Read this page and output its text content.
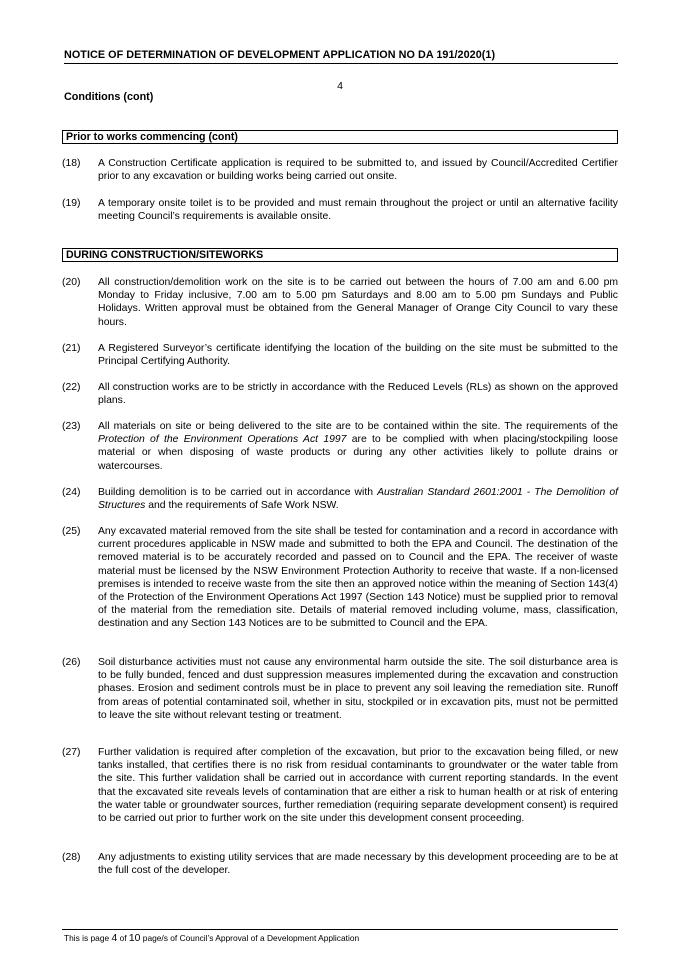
NOTICE OF DETERMINATION OF DEVELOPMENT APPLICATION NO DA 191/2020(1)
4
Conditions (cont)
Prior to works commencing (cont)
(18)	A Construction Certificate application is required to be submitted to, and issued by Council/Accredited Certifier prior to any excavation or building works being carried out onsite.
(19)	A temporary onsite toilet is to be provided and must remain throughout the project or until an alternative facility meeting Council’s requirements is available onsite.
DURING CONSTRUCTION/SITEWORKS
(20)	All construction/demolition work on the site is to be carried out between the hours of 7.00 am and 6.00 pm Monday to Friday inclusive, 7.00 am to 5.00 pm Saturdays and 8.00 am to 5.00 pm Sundays and Public Holidays. Written approval must be obtained from the General Manager of Orange City Council to vary these hours.
(21)	A Registered Surveyor’s certificate identifying the location of the building on the site must be submitted to the Principal Certifying Authority.
(22)	All construction works are to be strictly in accordance with the Reduced Levels (RLs) as shown on the approved plans.
(23)	All materials on site or being delivered to the site are to be contained within the site. The requirements of the Protection of the Environment Operations Act 1997 are to be complied with when placing/stockpiling loose material or when disposing of waste products or during any other activities likely to pollute drains or watercourses.
(24)	Building demolition is to be carried out in accordance with Australian Standard 2601:2001 - The Demolition of Structures and the requirements of Safe Work NSW.
(25)	Any excavated material removed from the site shall be tested for contamination and a record in accordance with current procedures applicable in NSW made and submitted to both the EPA and Council. The destination of the removed material is to be accurately recorded and passed on to Council and the EPA. The receiver of waste material must be licensed by the NSW Environment Protection Authority to receive that waste. If a non-licensed premises is intended to receive waste from the site then an approved notice within the meaning of Section 143(4) of the Protection of the Environment Operations Act 1997 (Section 143 Notice) must be supplied prior to removal of the material from the remediation site. Details of material removed including volume, mass, classification, destination and any Section 143 Notices are to be submitted to Council and the EPA.
(26)	Soil disturbance activities must not cause any environmental harm outside the site. The soil disturbance area is to be fully bunded, fenced and dust suppression measures implemented during the excavation and construction phases. Erosion and sediment controls must be in place to prevent any soil leaving the remediation site. Runoff from areas of potential contaminated soil, whether in situ, stockpiled or in excavation pits, must not be permitted to leave the site without relevant testing or treatment.
(27)	Further validation is required after completion of the excavation, but prior to the excavation being filled, or new tanks installed, that certifies there is no risk from residual contaminants to groundwater or the water table from the site. This further validation shall be carried out in accordance with current reporting standards. In the event that the excavated site reveals levels of contamination that are either a risk to human health or at risk of entering the water table or groundwater sources, further remediation (requiring separate development consent) is required to be carried out prior to further work on the site under this development consent proceeding.
(28)	Any adjustments to existing utility services that are made necessary by this development proceeding are to be at the full cost of the developer.
This is page 4 of 10 page/s of Council’s Approval of a Development Application
